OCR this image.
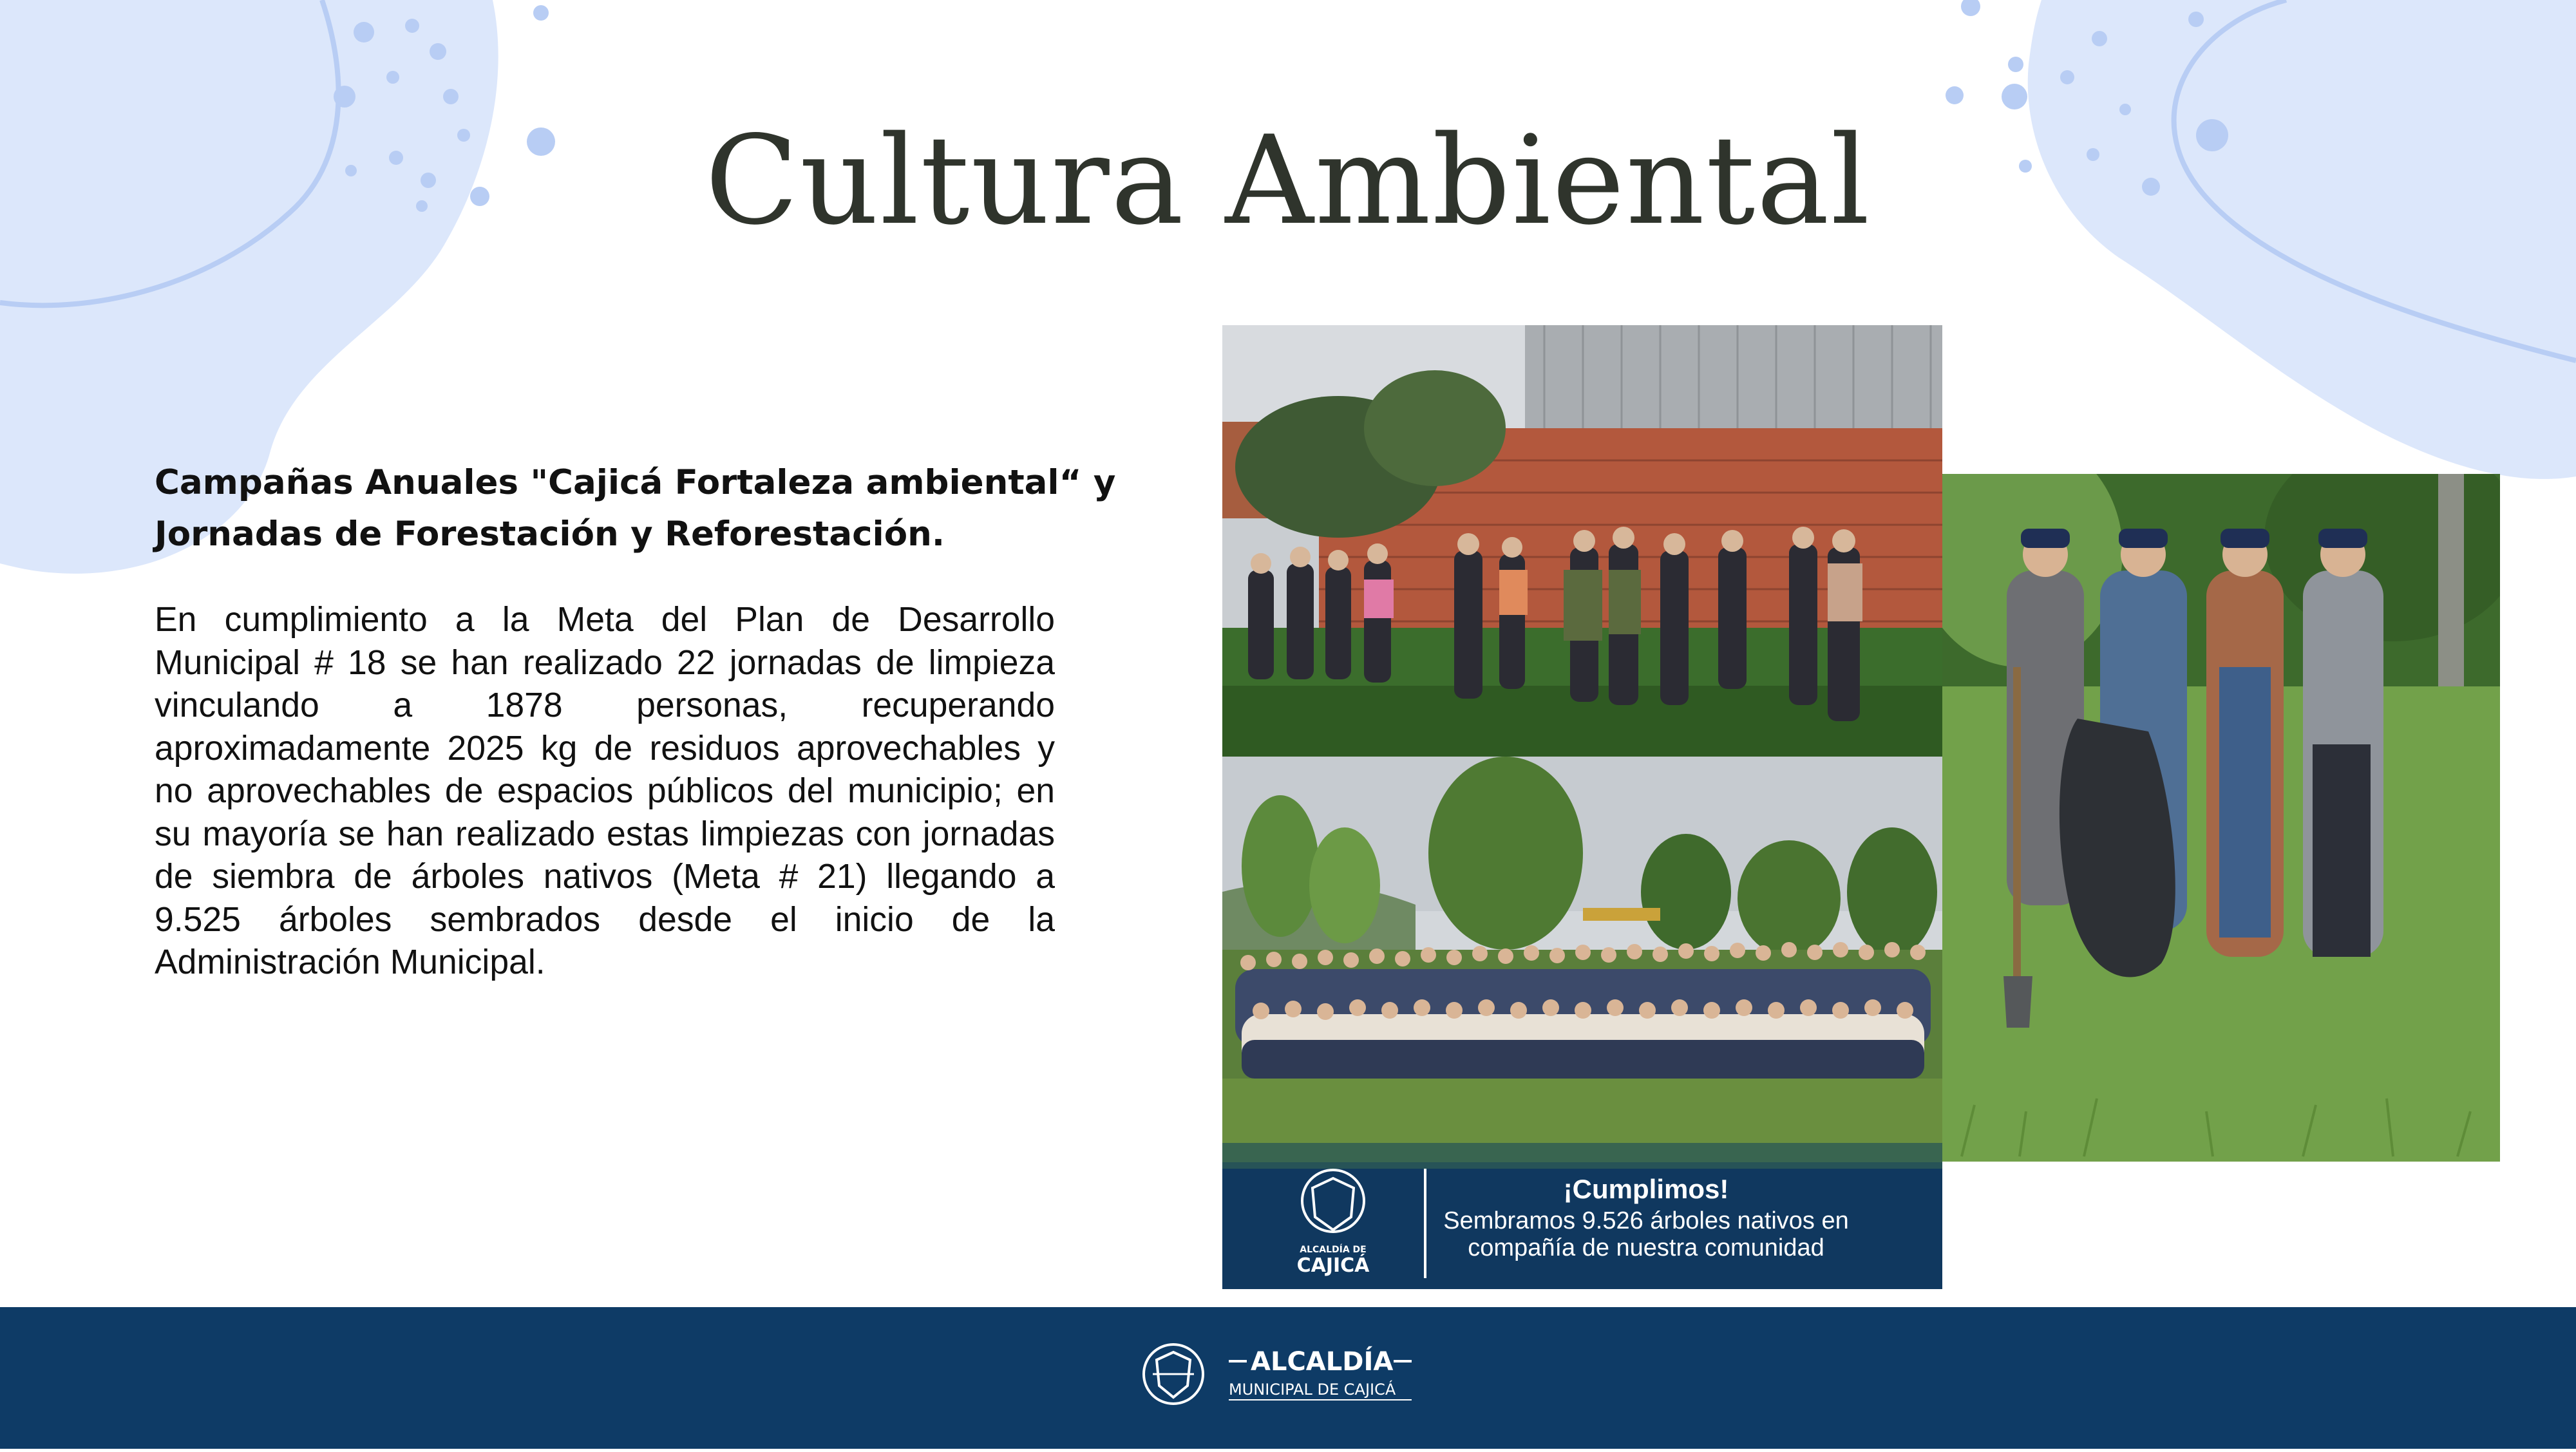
Cultura Ambiental
Campañas Anuales "Cajicá Fortaleza ambiental“ y
Jornadas de Forestación y Reforestación.

En cumplimiento a la Meta del Plan de Desarrollo Municipal # 18 se han realizado 22 jornadas de limpieza vinculando a 1878 personas, recuperando aproximadamente 2025 kg de residuos aprovechables y no aprovechables de espacios públicos del municipio; en su mayoría se han realizado estas limpiezas con jornadas de siembra de árboles nativos (Meta # 21) llegando a 9.525 árboles sembrados desde el inicio de la Administración Municipal.

ALCALDÍA DE
CAJICÁ
¡Cumplimos!
Sembramos 9.526 árboles nativos en
compañía de nuestra comunidad
ALCALDÍA
MUNICIPAL DE CAJICÁ
